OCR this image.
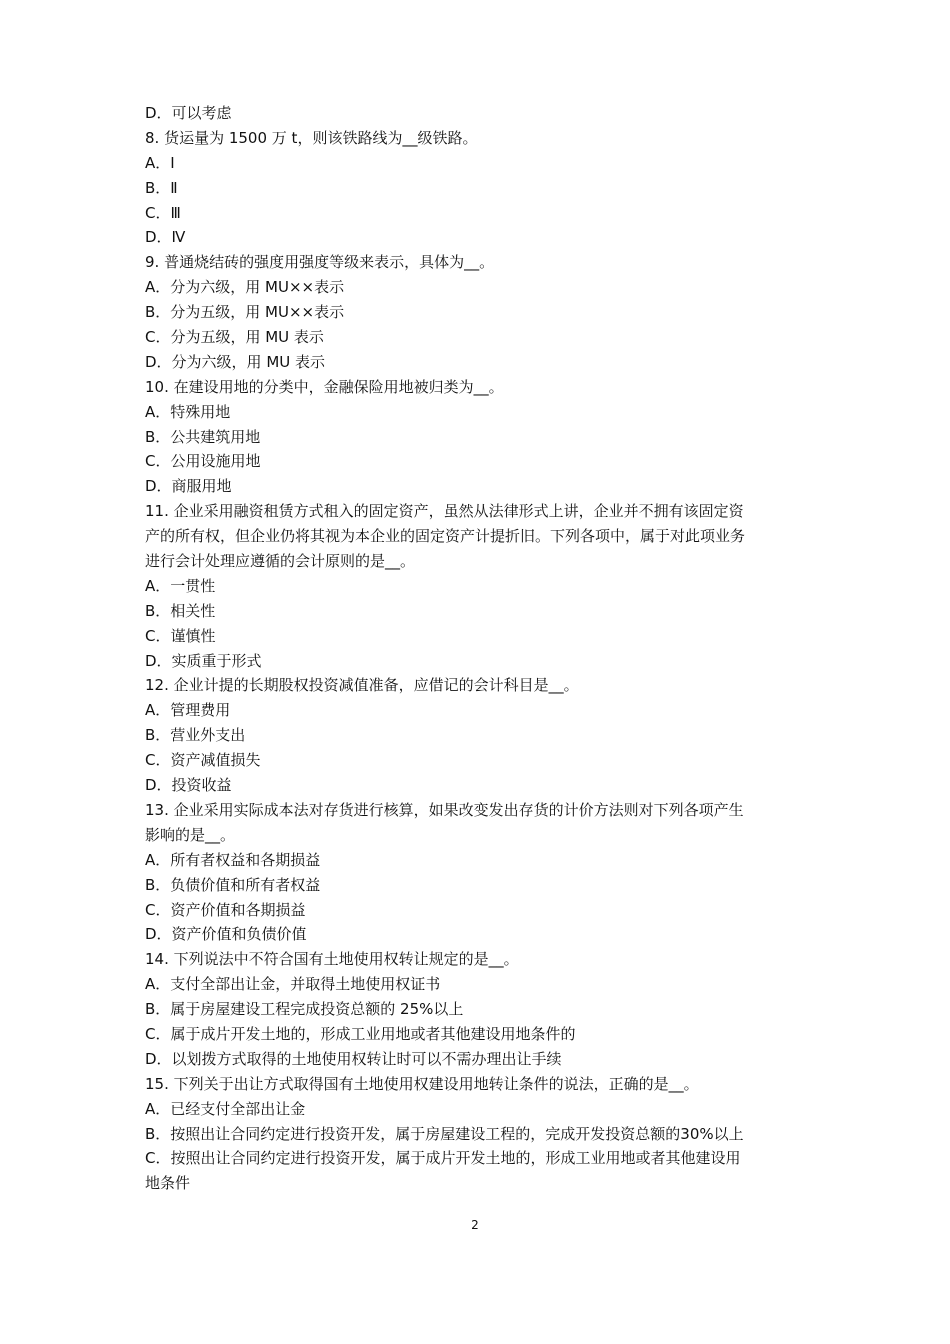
D．可以考虑
8. 货运量为 1500 万 t，则该铁路线为__级铁路。
A．Ⅰ
B．Ⅱ
C．Ⅲ
D．Ⅳ
9. 普通烧结砖的强度用强度等级来表示，具体为__。
A．分为六级，用 MU××表示
B．分为五级，用 MU××表示
C．分为五级，用 MU 表示
D．分为六级，用 MU 表示
10. 在建设用地的分类中，金融保险用地被归类为__。
A．特殊用地
B．公共建筑用地
C．公用设施用地
D．商服用地
11. 企业采用融资租赁方式租入的固定资产，虽然从法律形式上讲，企业并不拥有该固定资
产的所有权，但企业仍将其视为本企业的固定资产计提折旧。下列各项中，属于对此项业务
进行会计处理应遵循的会计原则的是__。
A．一贯性
B．相关性
C．谨慎性
D．实质重于形式
12. 企业计提的长期股权投资减值准备，应借记的会计科目是__。
A．管理费用
B．营业外支出
C．资产减值损失
D．投资收益
13. 企业采用实际成本法对存货进行核算，如果改变发出存货的计价方法则对下列各项产生
影响的是__。
A．所有者权益和各期损益
B．负债价值和所有者权益
C．资产价值和各期损益
D．资产价值和负债价值
14. 下列说法中不符合国有土地使用权转让规定的是__。
A．支付全部出让金，并取得土地使用权证书
B．属于房屋建设工程完成投资总额的 25%以上
C．属于成片开发土地的，形成工业用地或者其他建设用地条件的
D．以划拨方式取得的土地使用权转让时可以不需办理出让手续
15. 下列关于出让方式取得国有土地使用权建设用地转让条件的说法，正确的是__。
A．已经支付全部出让金
B．按照出让合同约定进行投资开发，属于房屋建设工程的，完成开发投资总额的30%以上
C．按照出让合同约定进行投资开发，属于成片开发土地的，形成工业用地或者其他建设用
地条件
2
